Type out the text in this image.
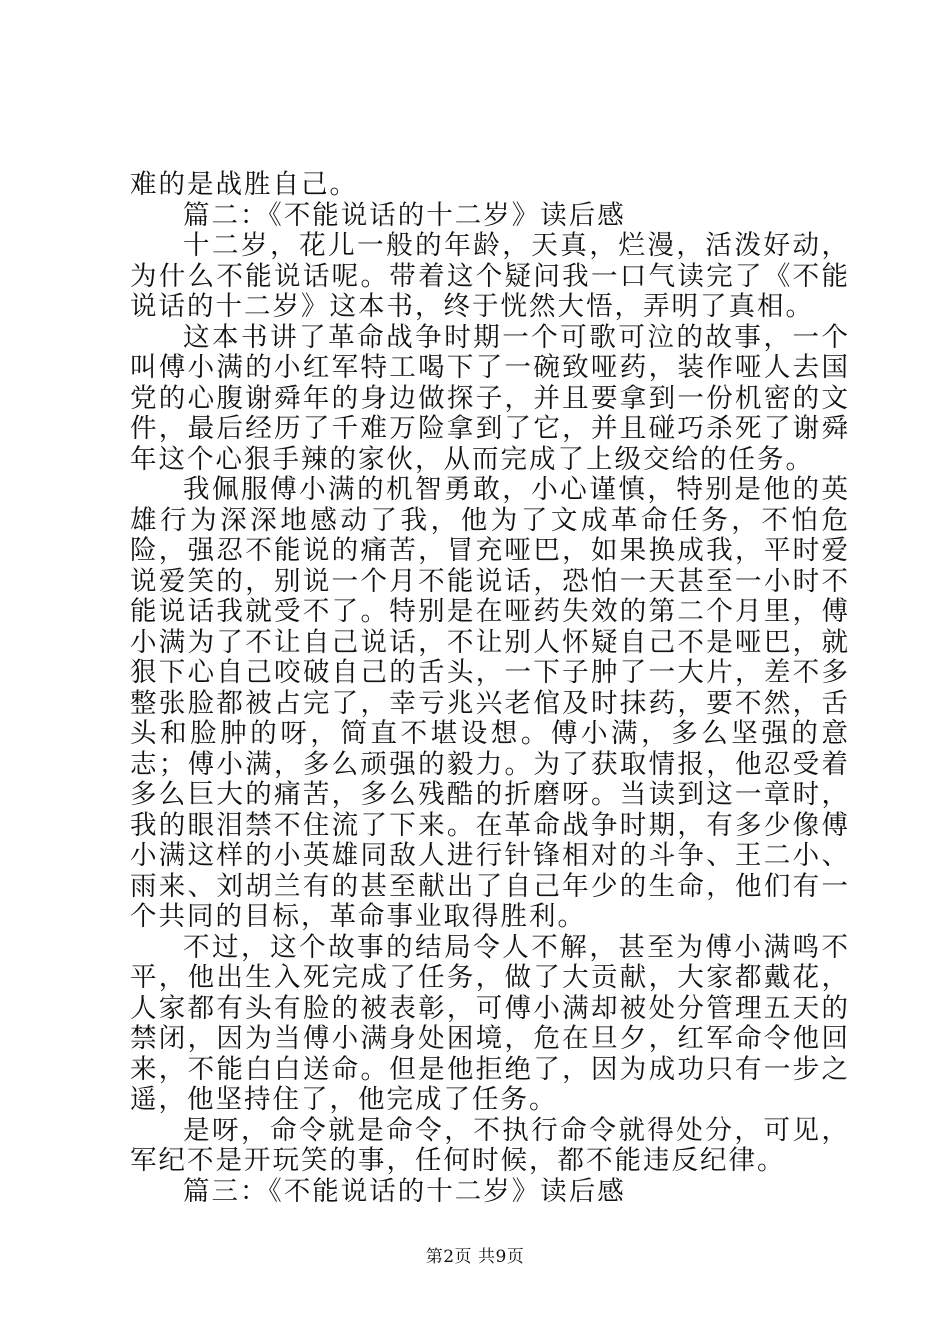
难的是战胜自己。

篇二：《不能说话的十二岁》读后感

十二岁，花儿一般的年龄，天真，烂漫，活泼好动，为什么不能说话呢。带着这个疑问我一口气读完了《不能说话的十二岁》这本书，终于恍然大悟，弄明了真相。

这本书讲了革命战争时期一个可歌可泣的故事，一个叫傅小满的小红军特工喝下了一碗致哑药，装作哑人去国党的心腹谢舜年的身边做探子，并且要拿到一份机密的文件，最后经历了千难万险拿到了它，并且碰巧杀死了谢舜年这个心狠手辣的家伙，从而完成了上级交给的任务。

我佩服傅小满的机智勇敢，小心谨慎，特别是他的英雄行为深深地感动了我，他为了文成革命任务，不怕危险，强忍不能说的痛苦，冒充哑巴，如果换成我，平时爱说爱笑的，别说一个月不能说话，恐怕一天甚至一小时不能说话我就受不了。特别是在哑药失效的第二个月里，傅小满为了不让自己说话，不让别人怀疑自己不是哑巴，就狠下心自己咬破自己的舌头，一下子肿了一大片，差不多整张脸都被占完了，幸亏兆兴老倌及时抹药，要不然，舌头和脸肿的呀，简直不堪设想。傅小满，多么坚强的意志；傅小满，多么顽强的毅力。为了获取情报，他忍受着多么巨大的痛苦，多么残酷的折磨呀。当读到这一章时，我的眼泪禁不住流了下来。在革命战争时期，有多少像傅小满这样的小英雄同敌人进行针锋相对的斗争、王二小、雨来、刘胡兰有的甚至献出了自己年少的生命，他们有一个共同的目标，革命事业取得胜利。

不过，这个故事的结局令人不解，甚至为傅小满鸣不平，他出生入死完成了任务，做了大贡献，大家都戴花，人家都有头有脸的被表彰，可傅小满却被处分管理五天的禁闭，因为当傅小满身处困境，危在旦夕，红军命令他回来，不能白白送命。但是他拒绝了，因为成功只有一步之遥，他坚持住了，他完成了任务。

是呀，命令就是命令，不执行命令就得处分，可见，军纪不是开玩笑的事，任何时候，都不能违反纪律。

篇三：《不能说话的十二岁》读后感

第2页 共9页
